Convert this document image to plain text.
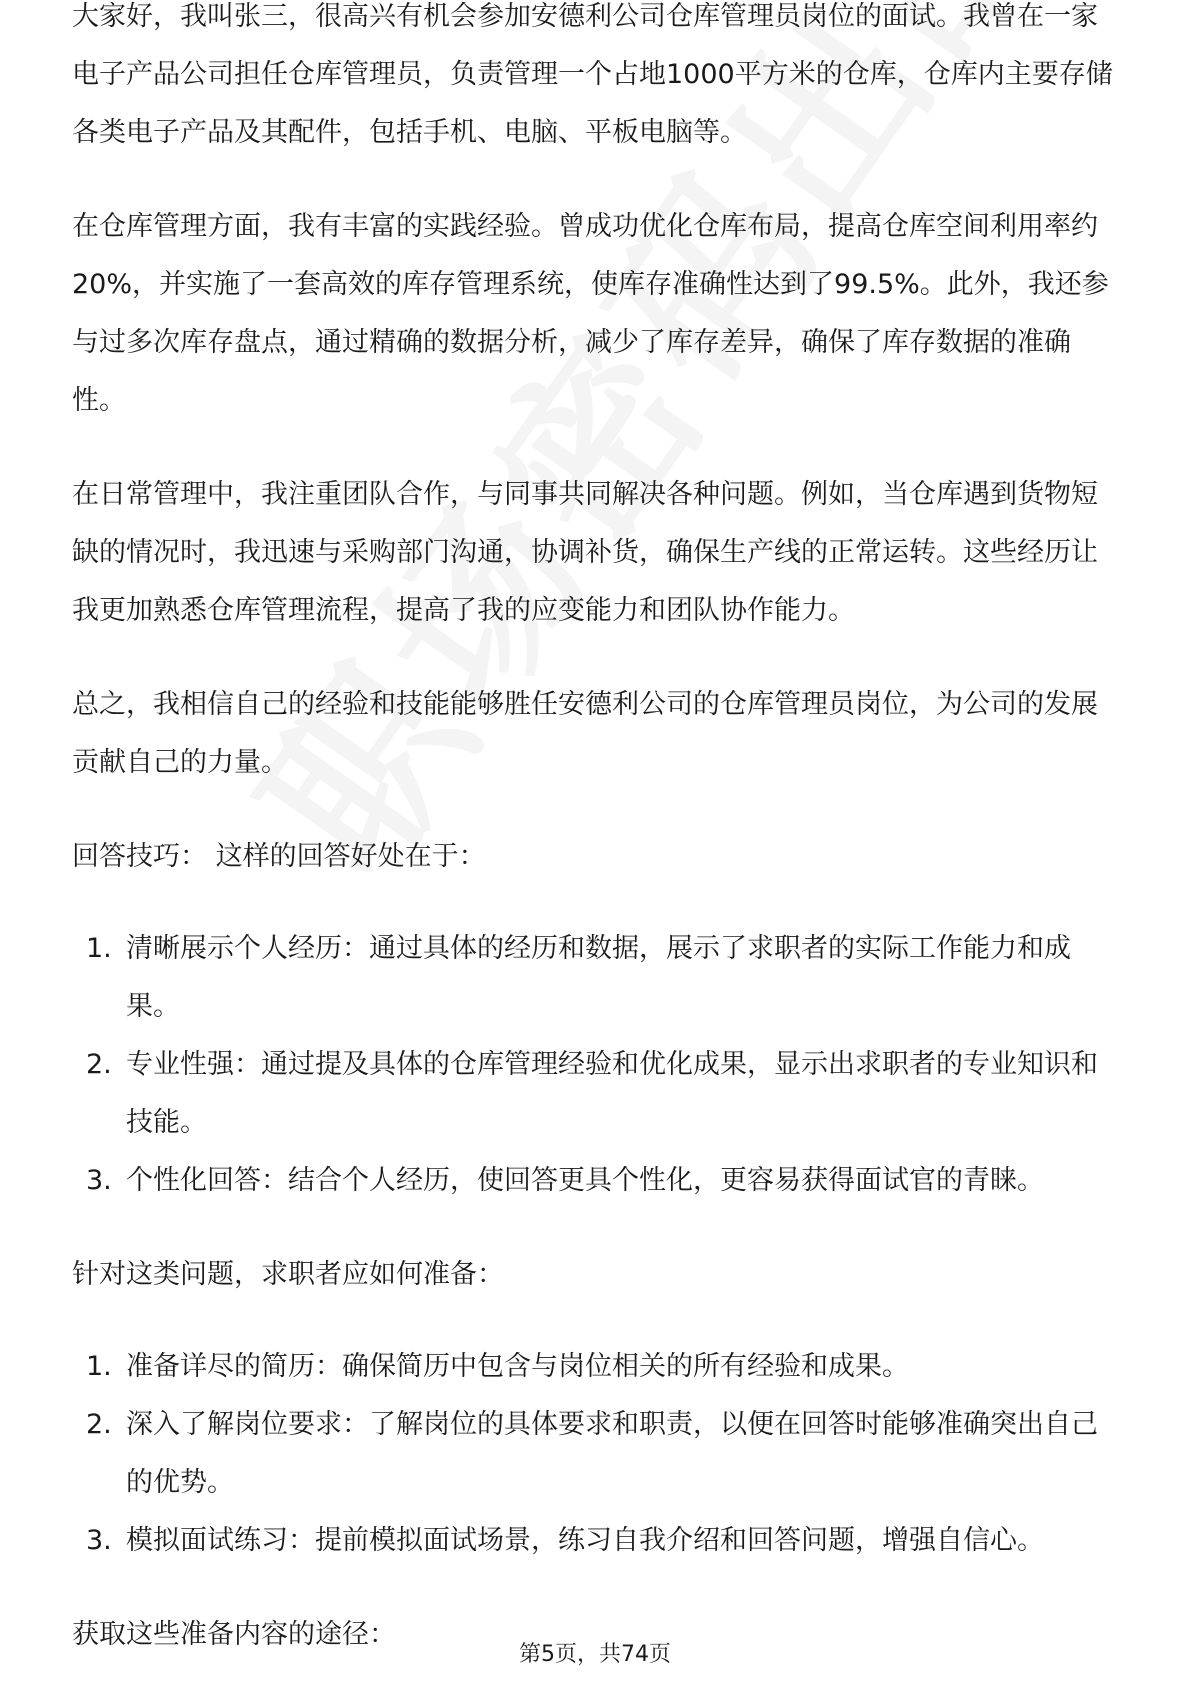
大家好，我叫张三，很高兴有机会参加安德利公司仓库管理员岗位的面试。我曾在一家电子产品公司担任仓库管理员，负责管理一个占地1000平方米的仓库，仓库内主要存储各类电子产品及其配件，包括手机、电脑、平板电脑等。

在仓库管理方面，我有丰富的实践经验。曾成功优化仓库布局，提高仓库空间利用率约20%，并实施了一套高效的库存管理系统，使库存准确性达到了99.5%。此外，我还参与过多次库存盘点，通过精确的数据分析，减少了库存差异，确保了库存数据的准确性。

在日常管理中，我注重团队合作，与同事共同解决各种问题。例如，当仓库遇到货物短缺的情况时，我迅速与采购部门沟通，协调补货，确保生产线的正常运转。这些经历让我更加熟悉仓库管理流程，提高了我的应变能力和团队协作能力。

总之，我相信自己的经验和技能能够胜任安德利公司的仓库管理员岗位，为公司的发展贡献自己的力量。

回答技巧： 这样的回答好处在于：

1. 清晰展示个人经历：通过具体的经历和数据，展示了求职者的实际工作能力和成果。
2. 专业性强：通过提及具体的仓库管理经验和优化成果，显示出求职者的专业知识和技能。
3. 个性化回答：结合个人经历，使回答更具个性化，更容易获得面试官的青睐。

针对这类问题，求职者应如何准备：

1. 准备详尽的简历：确保简历中包含与岗位相关的所有经验和成果。
2. 深入了解岗位要求：了解岗位的具体要求和职责，以便在回答时能够准确突出自己的优势。
3. 模拟面试练习：提前模拟面试场景，练习自我介绍和回答问题，增强自信心。

获取这些准备内容的途径：

第5页，共74页
